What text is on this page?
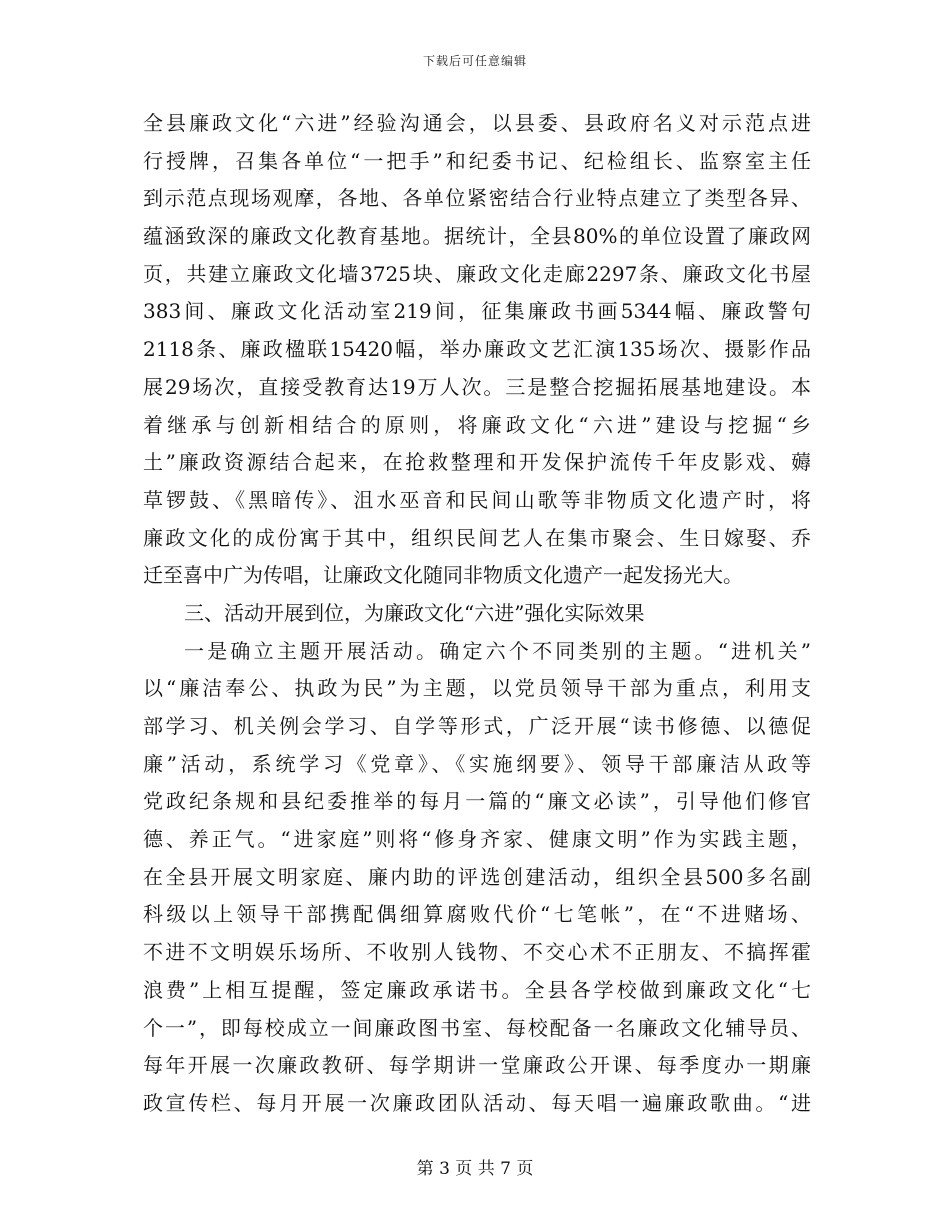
下载后可任意编辑
全县廉政文化“六进”经验沟通会，以县委、县政府名义对示范点进
行授牌，召集各单位“一把手”和纪委书记、纪检组长、监察室主任
到示范点现场观摩，各地、各单位紧密结合行业特点建立了类型各异、
蕴涵致深的廉政文化教育基地。据统计，全县80%的单位设置了廉政网
页，共建立廉政文化墙3725块、廉政文化走廊2297条、廉政文化书屋
383间、廉政文化活动室219间，征集廉政书画5344幅、廉政警句
2118条、廉政楹联15420幅，举办廉政文艺汇演135场次、摄影作品
展29场次，直接受教育达19万人次。三是整合挖掘拓展基地建设。本
着继承与创新相结合的原则，将廉政文化“六进”建设与挖掘“乡
土”廉政资源结合起来，在抢救整理和开发保护流传千年皮影戏、薅
草锣鼓、《黑暗传》、沮水巫音和民间山歌等非物质文化遗产时，将
廉政文化的成份寓于其中，组织民间艺人在集市聚会、生日嫁娶、乔
迁至喜中广为传唱，让廉政文化随同非物质文化遗产一起发扬光大。
三、活动开展到位，为廉政文化“六进”强化实际效果
一是确立主题开展活动。确定六个不同类别的主题。“进机关”
以“廉洁奉公、执政为民”为主题，以党员领导干部为重点，利用支
部学习、机关例会学习、自学等形式，广泛开展“读书修德、以德促
廉”活动，系统学习《党章》、《实施纲要》、领导干部廉洁从政等
党政纪条规和县纪委推举的每月一篇的“廉文必读”，引导他们修官
德、养正气。“进家庭”则将“修身齐家、健康文明”作为实践主题，
在全县开展文明家庭、廉内助的评选创建活动，组织全县500多名副
科级以上领导干部携配偶细算腐败代价“七笔帐”，在“不进赌场、
不进不文明娱乐场所、不收别人钱物、不交心术不正朋友、不搞挥霍
浪费”上相互提醒，签定廉政承诺书。全县各学校做到廉政文化“七
个一”，即每校成立一间廉政图书室、每校配备一名廉政文化辅导员、
每年开展一次廉政教研、每学期讲一堂廉政公开课、每季度办一期廉
政宣传栏、每月开展一次廉政团队活动、每天唱一遍廉政歌曲。“进
第 3 页 共 7 页
